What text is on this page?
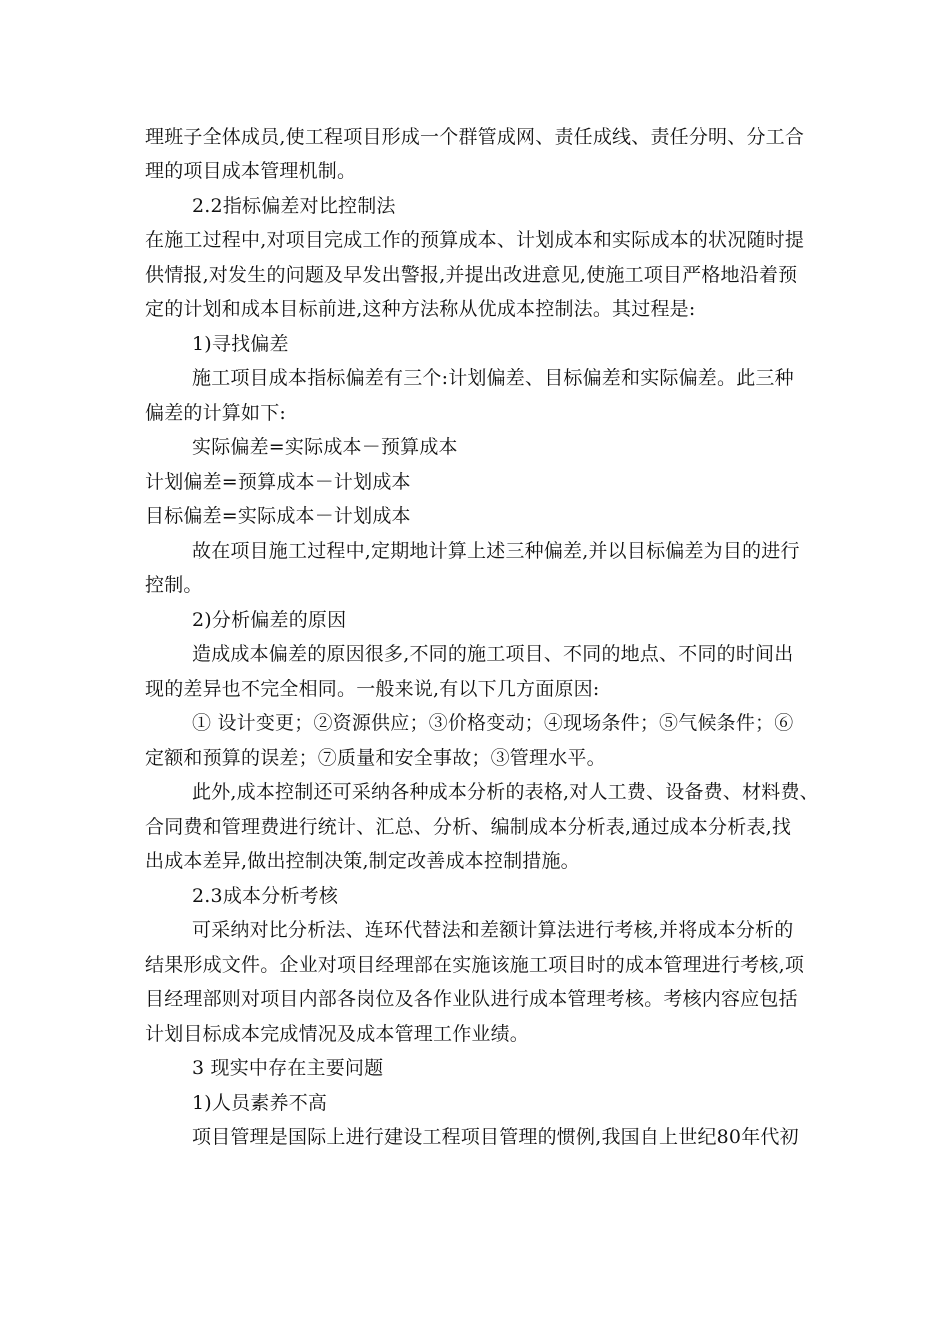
理班子全体成员,使工程项目形成一个群管成网、责任成线、责任分明、分工合
理的项目成本管理机制。
2.2指标偏差对比控制法
在施工过程中,对项目完成工作的预算成本、计划成本和实际成本的状况随时提
供情报,对发生的问题及早发出警报,并提出改进意见,使施工项目严格地沿着预
定的计划和成本目标前进,这种方法称从优成本控制法。其过程是:
1)寻找偏差
施工项目成本指标偏差有三个:计划偏差、目标偏差和实际偏差。此三种
偏差的计算如下:
实际偏差=实际成本－预算成本
计划偏差=预算成本－计划成本
目标偏差=实际成本－计划成本
故在项目施工过程中,定期地计算上述三种偏差,并以目标偏差为目的进行
控制。
2)分析偏差的原因
造成成本偏差的原因很多,不同的施工项目、不同的地点、不同的时间出
现的差异也不完全相同。一般来说,有以下几方面原因:
① 设计变更；②资源供应；③价格变动；④现场条件；⑤气候条件；⑥
定额和预算的误差；⑦质量和安全事故；③管理水平。
此外,成本控制还可采纳各种成本分析的表格,对人工费、设备费、材料费、
合同费和管理费进行统计、汇总、分析、编制成本分析表,通过成本分析表,找
出成本差异,做出控制决策,制定改善成本控制措施。
2.3成本分析考核
可采纳对比分析法、连环代替法和差额计算法进行考核,并将成本分析的
结果形成文件。企业对项目经理部在实施该施工项目时的成本管理进行考核,项
目经理部则对项目内部各岗位及各作业队进行成本管理考核。考核内容应包括
计划目标成本完成情况及成本管理工作业绩。
3 现实中存在主要问题
1)人员素养不高
项目管理是国际上进行建设工程项目管理的惯例,我国自上世纪80年代初
